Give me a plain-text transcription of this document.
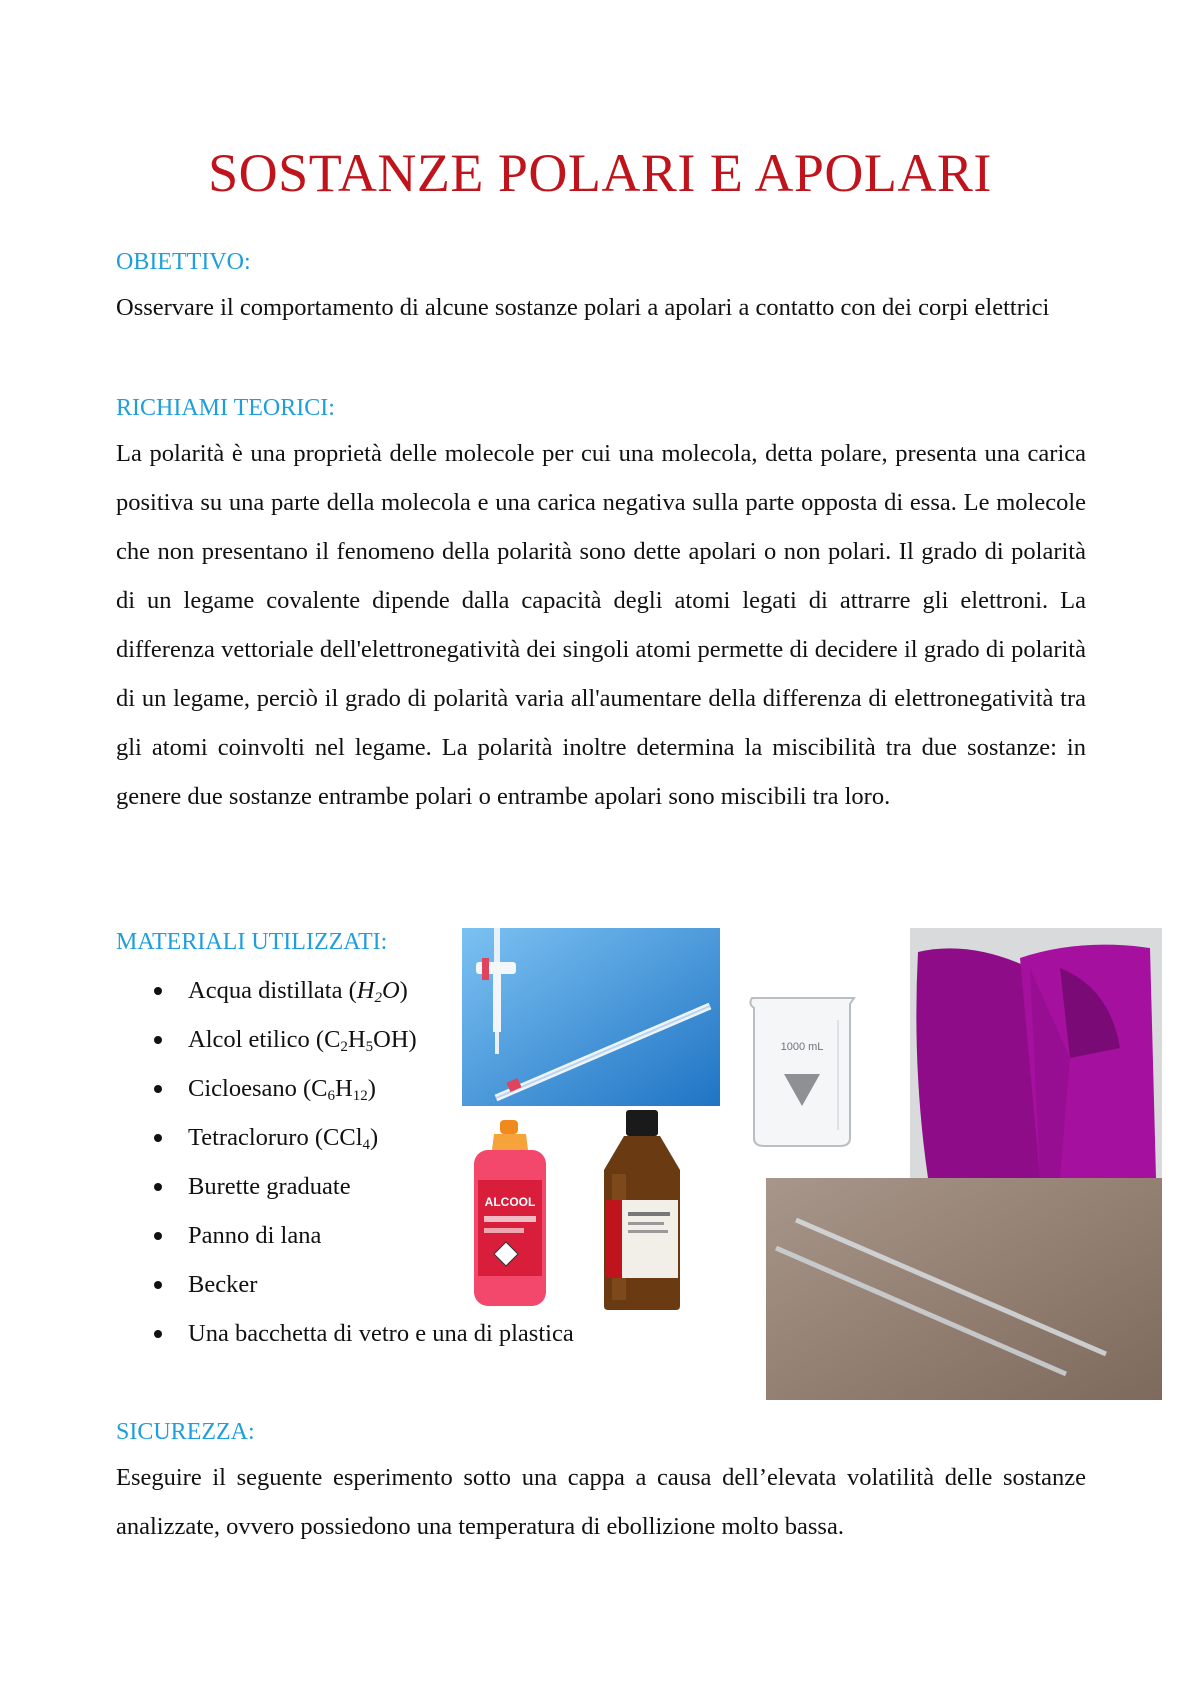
SOSTANZE POLARI E APOLARI
OBIETTIVO:
Osservare il comportamento di alcune sostanze polari a apolari a contatto con dei corpi elettrici
RICHIAMI TEORICI:
La polarità è una proprietà delle molecole per cui una molecola, detta polare, presenta una carica positiva su una parte della molecola e una carica negativa sulla parte opposta di essa. Le molecole che non presentano il fenomeno della polarità sono dette apolari o non polari. Il grado di polarità di un legame covalente dipende dalla capacità degli atomi legati di attrarre gli elettroni. La differenza vettoriale dell'elettronegatività dei singoli atomi permette di decidere il grado di polarità di un legame, perciò il grado di polarità varia all'aumentare della differenza di elettronegatività tra gli atomi coinvolti nel legame. La polarità inoltre determina la miscibilità tra due sostanze: in genere due sostanze entrambe polari o entrambe apolari sono miscibili tra loro.
MATERIALI UTILIZZATI:
Acqua distillata $(H_2O)$
Alcol etilico $(C_2H_5OH)$
Cicloesano $(C_6H_{12})$
Tetracloruro (CCl$_4$)
Burette graduate
Panno di lana
Becker
Una bacchetta di vetro e una di plastica
1000 mL
ALCOOL
SICUREZZA:
Eseguire il seguente esperimento sotto una cappa a causa dell’elevata volatilità delle sostanze analizzate, ovvero possiedono una temperatura di ebollizione molto bassa.
